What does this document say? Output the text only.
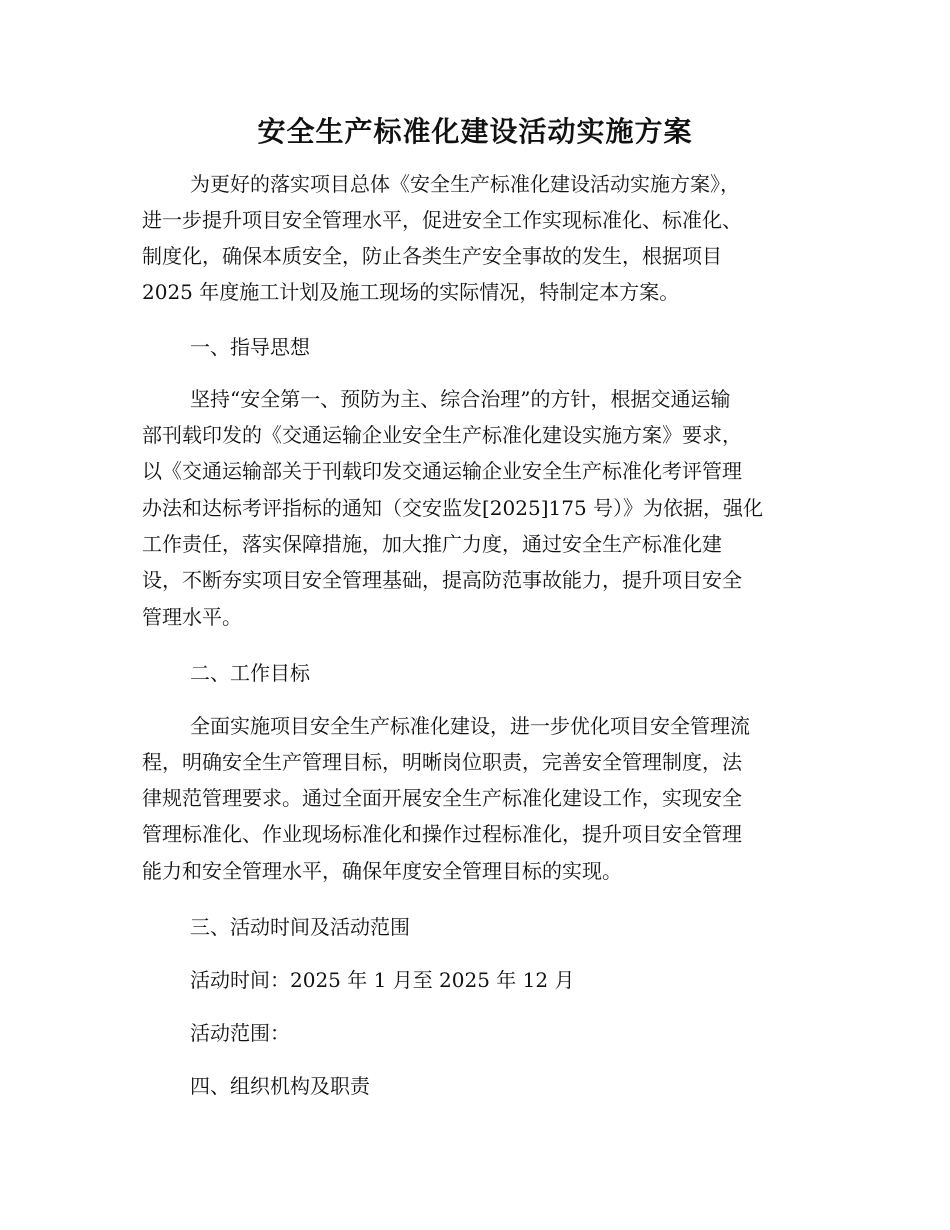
安全生产标准化建设活动实施方案

为更好的落实项目总体《安全生产标准化建设活动实施方案》，

进一步提升项目安全管理水平，促进安全工作实现标准化、标准化、

制度化，确保本质安全，防止各类生产安全事故的发生，根据项目

2025 年度施工计划及施工现场的实际情况，特制定本方案。

一、指导思想

坚持“安全第一、预防为主、综合治理”的方针，根据交通运输

部刊载印发的《交通运输企业安全生产标准化建设实施方案》要求，

以《交通运输部关于刊载印发交通运输企业安全生产标准化考评管理

办法和达标考评指标的通知（交安监发[2025]175 号）》为依据，强化

工作责任，落实保障措施，加大推广力度，通过安全生产标准化建

设，不断夯实项目安全管理基础，提高防范事故能力，提升项目安全

管理水平。

二、工作目标

全面实施项目安全生产标准化建设，进一步优化项目安全管理流

程，明确安全生产管理目标，明晰岗位职责，完善安全管理制度，法

律规范管理要求。通过全面开展安全生产标准化建设工作，实现安全

管理标准化、作业现场标准化和操作过程标准化，提升项目安全管理

能力和安全管理水平，确保年度安全管理目标的实现。

三、活动时间及活动范围

活动时间：2025 年 1 月至 2025 年 12 月

活动范围：

四、组织机构及职责
